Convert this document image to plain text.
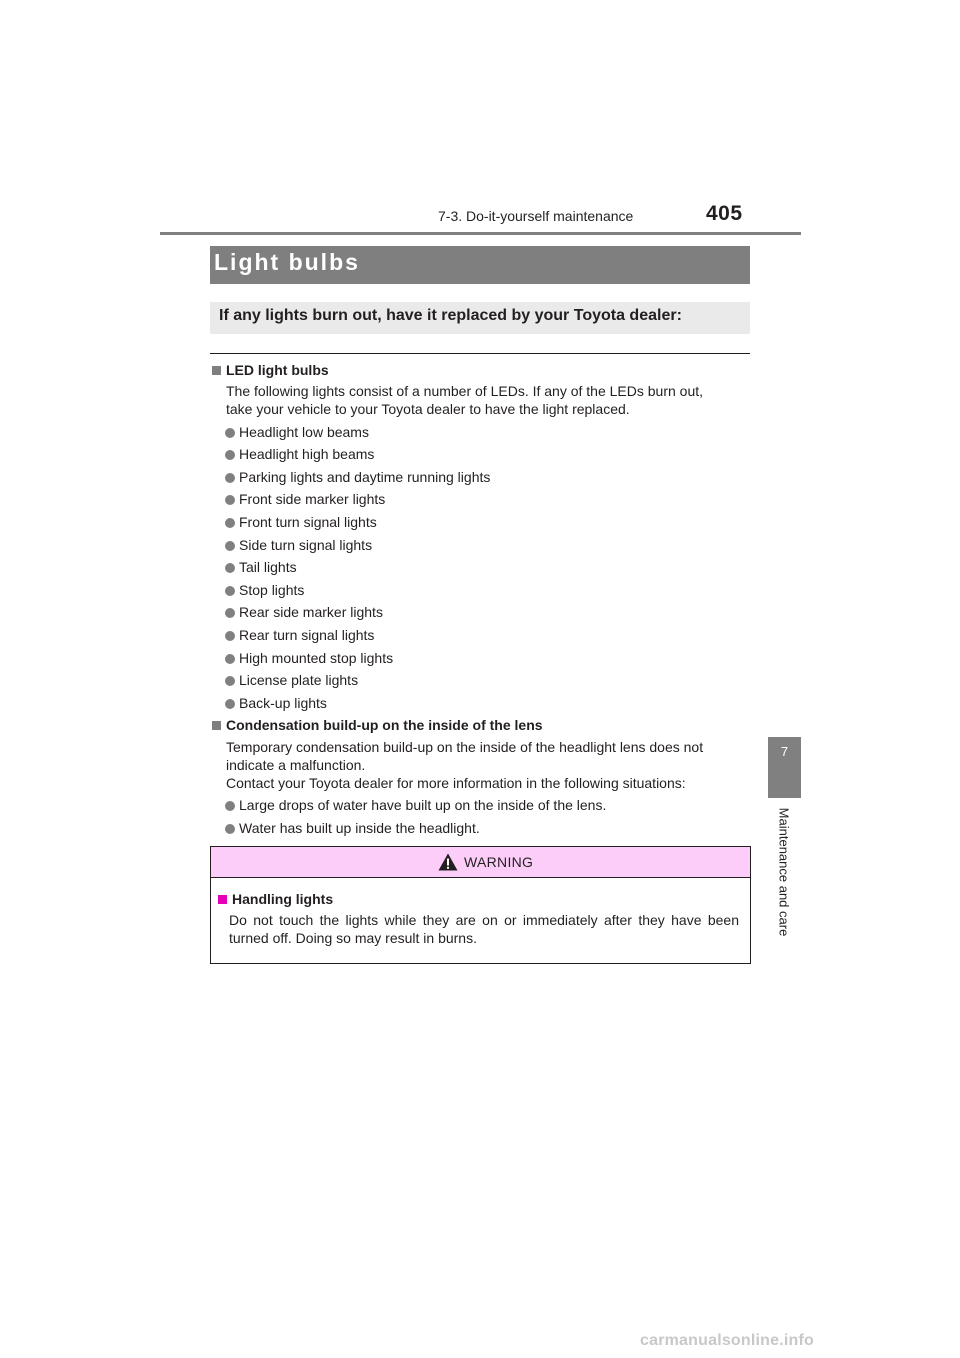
7-3. Do-it-yourself maintenance	405
7
Maintenance and care
Light bulbs
If any lights burn out, have it replaced by your Toyota dealer:
LED light bulbs
The following lights consist of a number of LEDs. If any of the LEDs burn out,
take your vehicle to your Toyota dealer to have the light replaced.
Headlight low beams
Headlight high beams
Parking lights and daytime running lights
Front side marker lights
Front turn signal lights
Side turn signal lights
Tail lights
Stop lights
Rear side marker lights
Rear turn signal lights
High mounted stop lights
License plate lights
Back-up lights
Condensation build-up on the inside of the lens
Temporary condensation build-up on the inside of the headlight lens does not
indicate a malfunction.
Contact your Toyota dealer for more information in the following situations:
Large drops of water have built up on the inside of the lens.
Water has built up inside the headlight.
WARNING
Handling lights
Do not touch the lights while they are on or immediately after they have been turned off. Doing so may result in burns.
carmanualsonline.info
